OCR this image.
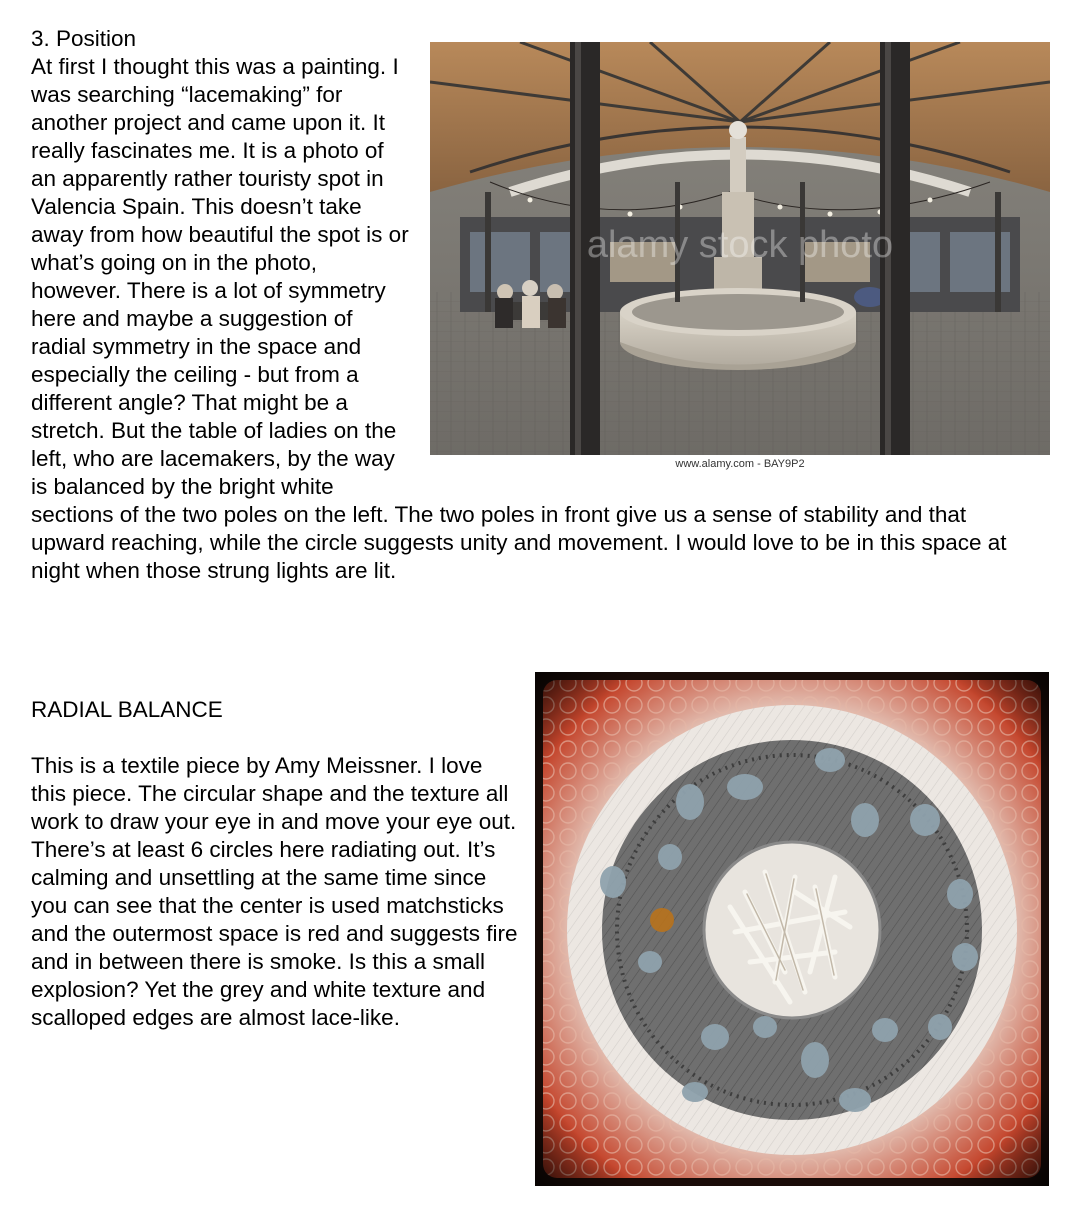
alamy stock photo
www.alamy.com - BAY9P2

3. Position

At first I thought this was a painting. I was searching “lacemaking” for another project and came upon it. It really fascinates me. It is a photo of an apparently rather touristy spot in Valencia Spain. This doesn’t take away from how beautiful the spot is or what’s going on in the photo, however. There is a lot of symmetry here and maybe a suggestion of radial symmetry in the space and especially the ceiling - but from a different angle? That might be a stretch. But the table of ladies on the left, who are lacemakers, by the way is balanced by the bright white sections of the two poles on the left. The two poles in front give us a sense of stability and that upward reaching, while the circle suggests unity and movement. I would love to be in this space at night when those strung lights are lit.

RADIAL BALANCE

This is a textile piece by Amy Meissner. I love this piece. The circular shape and the texture all work to draw your eye in and move your eye out. There’s at least 6 circles here radiating out. It’s calming and unsettling at the same time since you can see that the center is used matchsticks and the outermost space is red and suggests fire and in between there is smoke. Is this a small explosion? Yet the grey and white texture and scalloped edges are almost lace-like.
